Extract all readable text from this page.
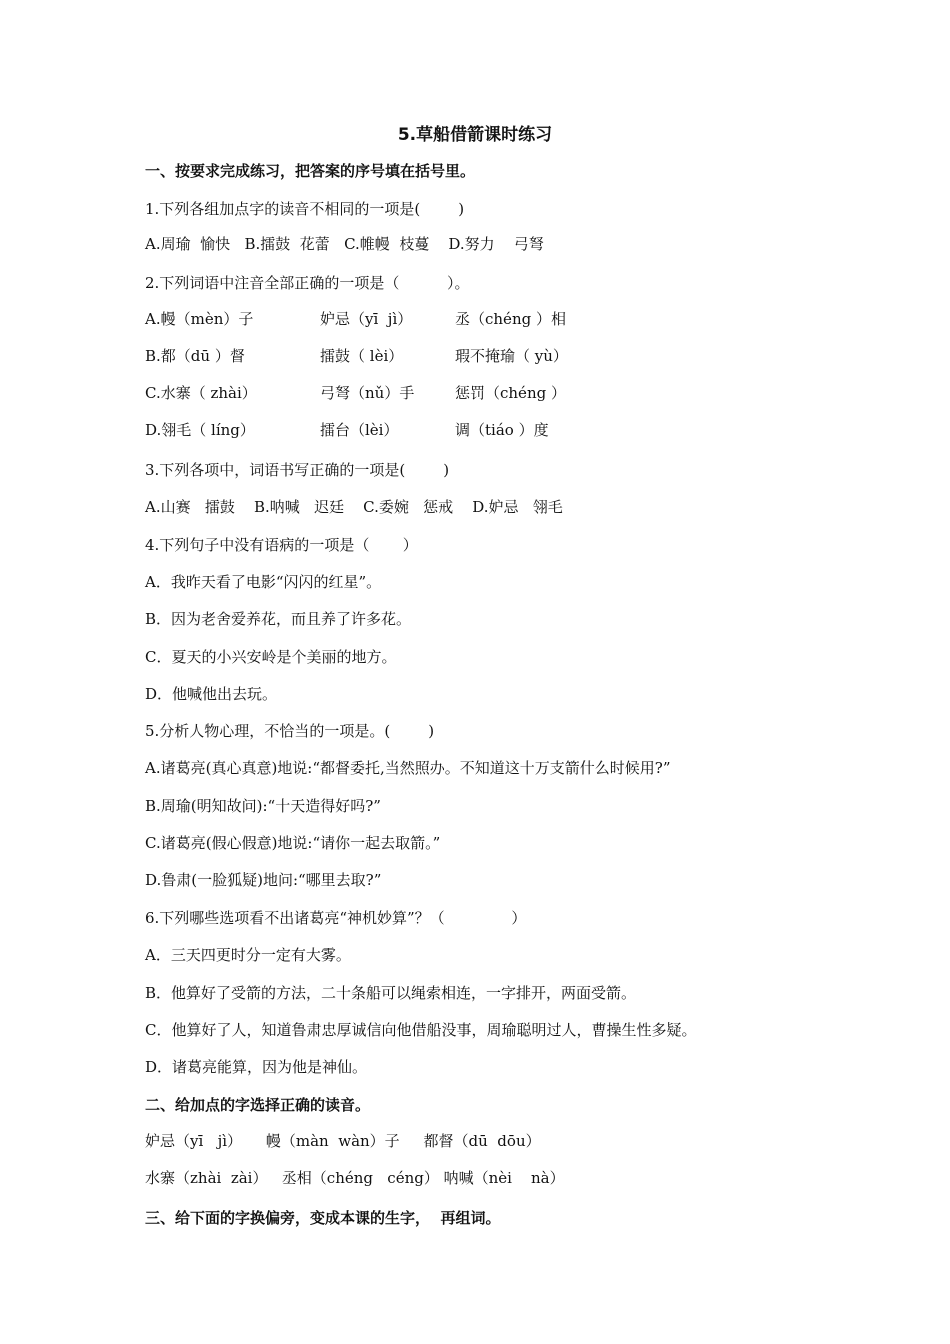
5.草船借箭课时练习
一、按要求完成练习，把答案的序号填在括号里。
1.下列各组加点字的读音不相同的一项是(        )
A.周瑜  愉快   B.擂鼓  花蕾   C.帷幔  枝蔓    D.努力    弓弩
2.下列词语中注音全部正确的一项是（          ）。
A.幔（mèn）子	妒忌（yī  jì）	丞（chéng ）相
B.都（dū ）督	擂鼓（ lèi）	瑕不掩瑜（ yù）
C.水寨（ zhài）	弓弩（nǔ）手	惩罚（chéng ）
D.翎毛（ líng）	擂台（lèi）	调（tiáo ）度
3.下列各项中，词语书写正确的一项是(        )
A.山赛   擂鼓    B.呐喊   迟廷    C.委婉   惩戒    D.妒忌   翎毛
4.下列句子中没有语病的一项是（       ）
A．我昨天看了电影“闪闪的红星”。
B．因为老舍爱养花，而且养了许多花。
C．夏天的小兴安岭是个美丽的地方。
D．他喊他出去玩。
5.分析人物心理，不恰当的一项是。(        )
A.诸葛亮(真心真意)地说:“都督委托,当然照办。不知道这十万支箭什么时候用?”
B.周瑜(明知故问):“十天造得好吗?”
C.诸葛亮(假心假意)地说:“请你一起去取箭。”
D.鲁肃(一脸狐疑)地问:“哪里去取?”
6.下列哪些选项看不出诸葛亮“神机妙算”？（              ）
A．三天四更时分一定有大雾。
B．他算好了受箭的方法，二十条船可以绳索相连，一字排开，两面受箭。
C．他算好了人，知道鲁肃忠厚诚信向他借船没事，周瑜聪明过人，曹操生性多疑。
D．诸葛亮能算，因为他是神仙。
二、给加点的字选择正确的读音。
妒忌（yī   jì）     幔（màn  wàn）子     都督（dū  dōu）
水寨（zhài  zài）   丞相（chéng   céng） 呐喊（nèi    nà）
三、给下面的字换偏旁，变成本课的生字，  再组词。
